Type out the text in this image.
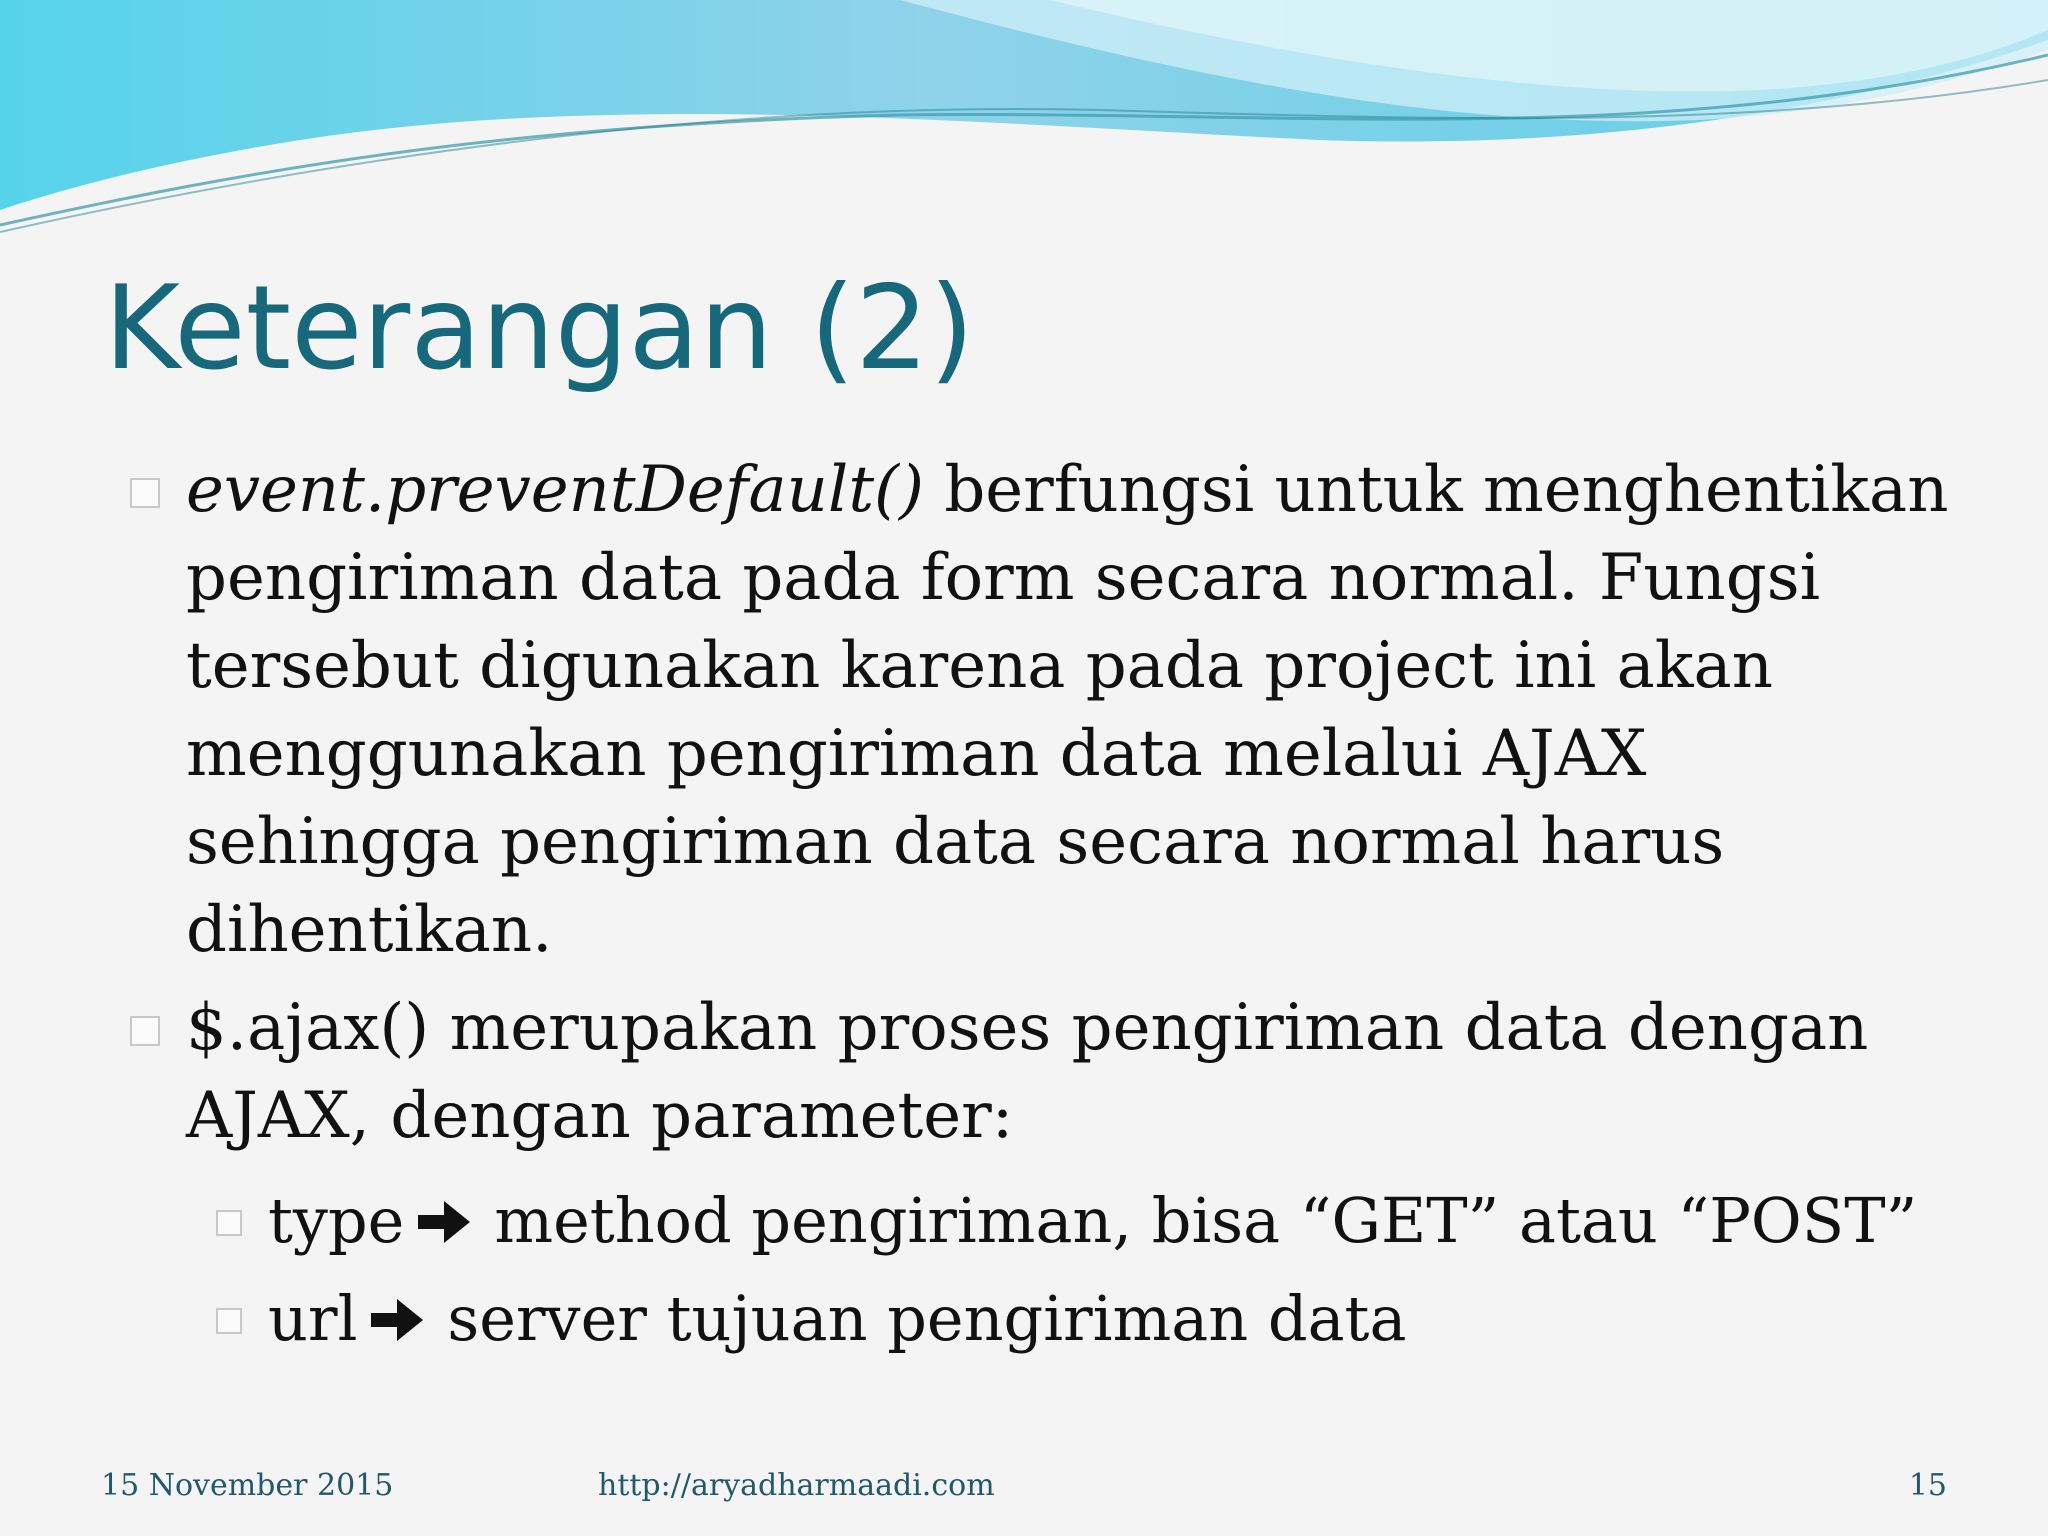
Keterangan (2)
event.preventDefault() berfungsi untuk menghentikan pengiriman data pada form secara normal. Fungsi tersebut digunakan karena pada project ini akan menggunakan pengiriman data melalui AJAX sehingga pengiriman data secara normal harus dihentikan.
$.ajax() merupakan proses pengiriman data dengan AJAX, dengan parameter:
type method pengiriman, bisa “GET” atau “POST”
url server tujuan pengiriman data
15 November 2015	http://aryadharmaadi.com	15
